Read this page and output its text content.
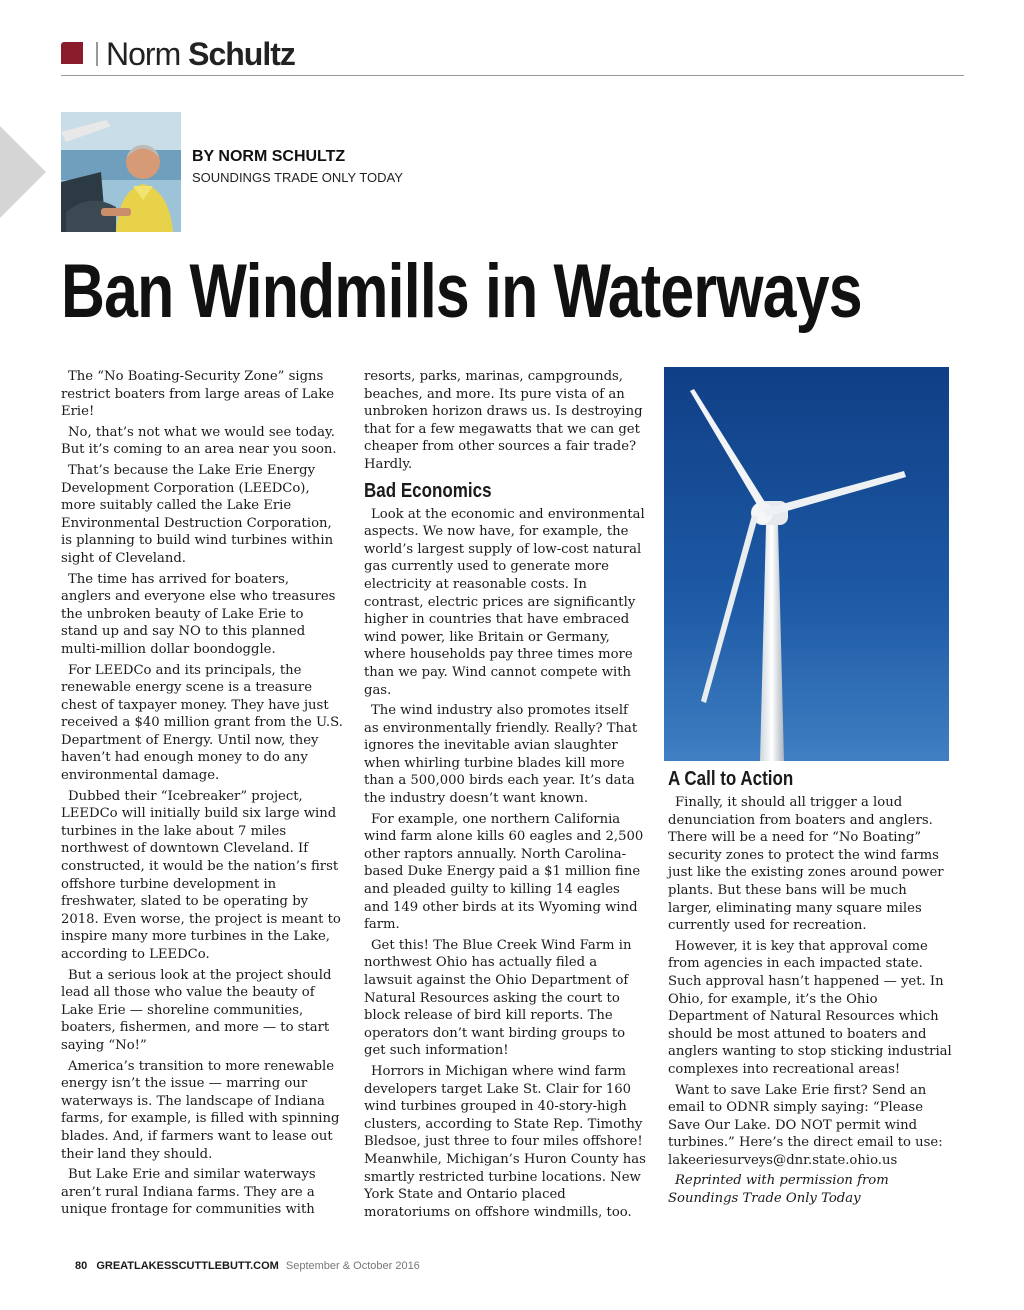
Norm Schultz
BY NORM SCHULTZ
SOUNDINGS TRADE ONLY TODAY
Ban Windmills in Waterways

The “No Boating-Security Zone” signs restrict boaters from large areas of Lake Erie!

No, that’s not what we would see today. But it’s coming to an area near you soon.

That’s because the Lake Erie Energy Development Corporation (LEEDCo), more suitably called the Lake Erie Environmental Destruction Corporation, is planning to build wind turbines within sight of Cleveland.

The time has arrived for boaters, anglers and everyone else who treasures the unbroken beauty of Lake Erie to stand up and say NO to this planned multi-million dollar boondoggle.

For LEEDCo and its principals, the renewable energy scene is a treasure chest of taxpayer money. They have just received a $40 million grant from the U.S. Department of Energy. Until now, they haven’t had enough money to do any environmental damage.

Dubbed their “Icebreaker” project, LEEDCo will initially build six large wind turbines in the lake about 7 miles northwest of downtown Cleveland. If constructed, it would be the nation’s first offshore turbine development in freshwater, slated to be operating by 2018. Even worse, the project is meant to inspire many more turbines in the Lake, according to LEEDCo.

But a serious look at the project should lead all those who value the beauty of Lake Erie — shoreline communities, boaters, fishermen, and more — to start saying “No!”

America’s transition to more renewable energy isn’t the issue — marring our waterways is. The landscape of Indiana farms, for example, is filled with spinning blades. And, if farmers want to lease out their land they should.

But Lake Erie and similar waterways aren’t rural Indiana farms. They are a unique frontage for communities with

resorts, parks, marinas, campgrounds, beaches, and more. Its pure vista of an unbroken horizon draws us. Is destroying that for a few megawatts that we can get cheaper from other sources a fair trade? Hardly.

Bad Economics

Look at the economic and environmental aspects. We now have, for example, the world’s largest supply of low-cost natural gas currently used to generate more electricity at reasonable costs. In contrast, electric prices are significantly higher in countries that have embraced wind power, like Britain or Germany, where households pay three times more than we pay. Wind cannot compete with gas.

The wind industry also promotes itself as environmentally friendly. Really? That ignores the inevitable avian slaughter when whirling turbine blades kill more than a 500,000 birds each year. It’s data the industry doesn’t want known.

For example, one northern California wind farm alone kills 60 eagles and 2,500 other raptors annually. North Carolina-based Duke Energy paid a $1 million fine and pleaded guilty to killing 14 eagles and 149 other birds at its Wyoming wind farm.

Get this! The Blue Creek Wind Farm in northwest Ohio has actually filed a lawsuit against the Ohio Department of Natural Resources asking the court to block release of bird kill reports. The operators don’t want birding groups to get such information!

Horrors in Michigan where wind farm developers target Lake St. Clair for 160 wind turbines grouped in 40-story-high clusters, according to State Rep. Timothy Bledsoe, just three to four miles offshore! Meanwhile, Michigan’s Huron County has smartly restricted turbine locations. New York State and Ontario placed moratoriums on offshore windmills, too.

A Call to Action

Finally, it should all trigger a loud denunciation from boaters and anglers. There will be a need for “No Boating” security zones to protect the wind farms just like the existing zones around power plants. But these bans will be much larger, eliminating many square miles currently used for recreation.

However, it is key that approval come from agencies in each impacted state. Such approval hasn’t happened — yet. In Ohio, for example, it’s the Ohio Department of Natural Resources which should be most attuned to boaters and anglers wanting to stop sticking industrial complexes into recreational areas!

Want to save Lake Erie first? Send an email to ODNR simply saying: “Please Save Our Lake. DO NOT permit wind turbines.” Here’s the direct email to use: lakeeriesurveys@dnr.state.ohio.us

Reprinted with permission from Soundings Trade Only Today

80 GREATLAKESSCUTTLEBUTT.COM September & October 2016
